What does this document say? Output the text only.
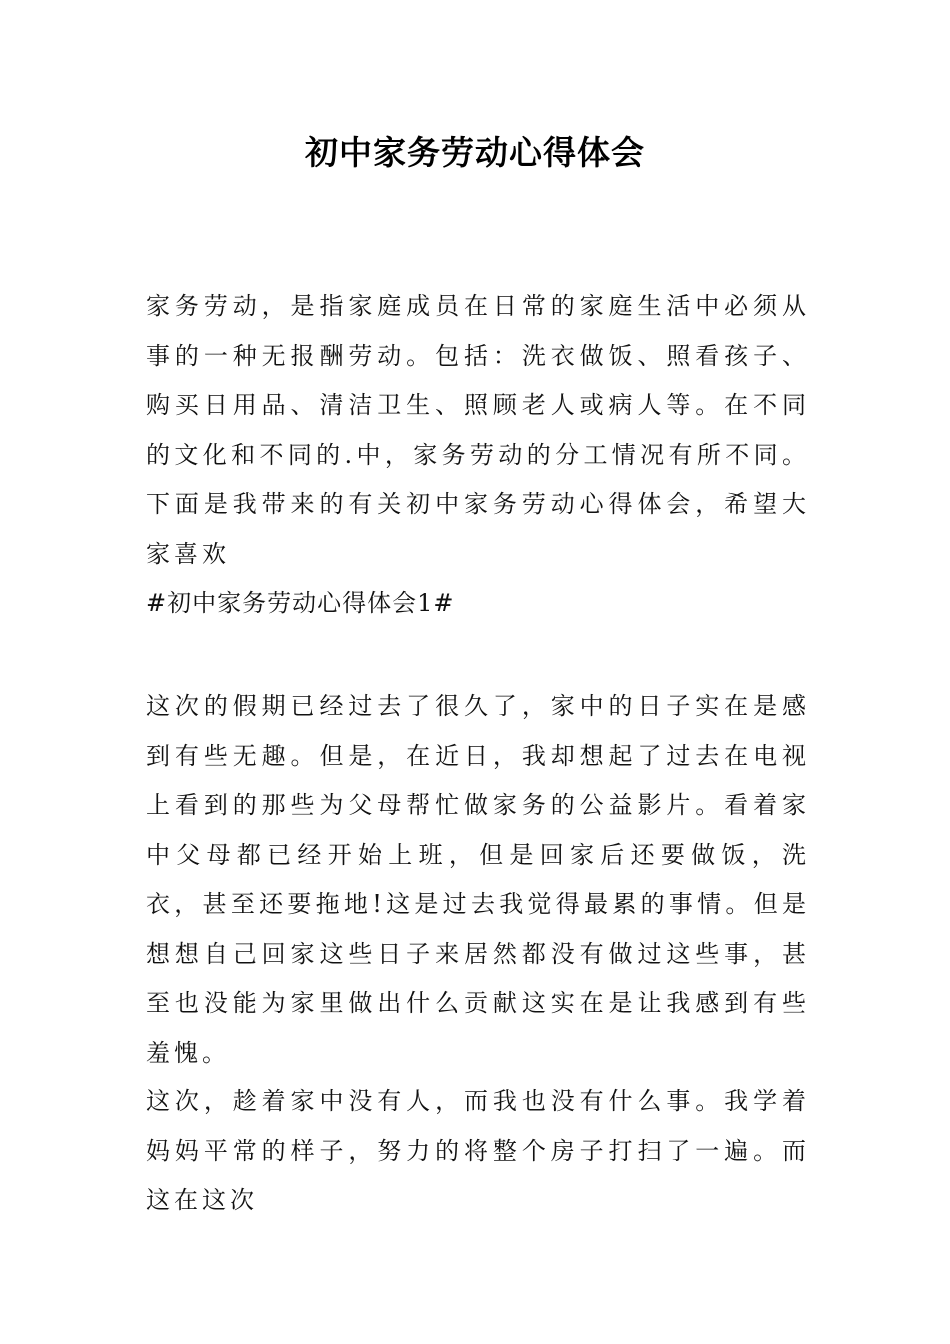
初中家务劳动心得体会
家务劳动，是指家庭成员在日常的家庭生活中必须从事的一种无报酬劳动。包括：洗衣做饭、照看孩子、购买日用品、清洁卫生、照顾老人或病人等。在不同的文化和不同的.中，家务劳动的分工情况有所不同。下面是我带来的有关初中家务劳动心得体会，希望大家喜欢
#初中家务劳动心得体会1#
这次的假期已经过去了很久了，家中的日子实在是感到有些无趣。但是，在近日，我却想起了过去在电视上看到的那些为父母帮忙做家务的公益影片。看着家中父母都已经开始上班，但是回家后还要做饭，洗衣，甚至还要拖地!这是过去我觉得最累的事情。但是想想自己回家这些日子来居然都没有做过这些事，甚至也没能为家里做出什么贡献这实在是让我感到有些羞愧。
这次，趁着家中没有人，而我也没有什么事。我学着妈妈平常的样子，努力的将整个房子打扫了一遍。而这在这次
